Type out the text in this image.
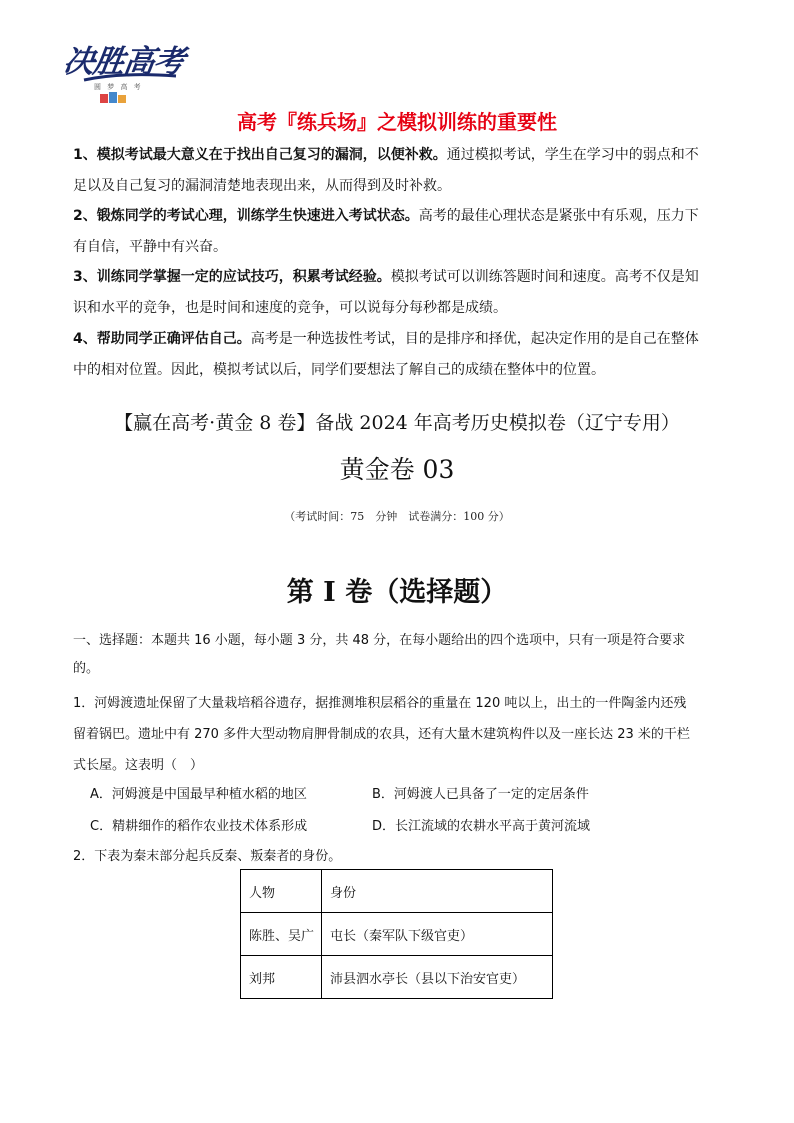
决胜高考
圆 梦 高 考
高考『练兵场』之模拟训练的重要性
1、模拟考试最大意义在于找出自己复习的漏洞，以便补救。通过模拟考试，学生在学习中的弱点和不
足以及自己复习的漏洞清楚地表现出来，从而得到及时补救。
2、锻炼同学的考试心理，训练学生快速进入考试状态。高考的最佳心理状态是紧张中有乐观，压力下
有自信，平静中有兴奋。
3、训练同学掌握一定的应试技巧，积累考试经验。模拟考试可以训练答题时间和速度。高考不仅是知
识和水平的竞争，也是时间和速度的竞争，可以说每分每秒都是成绩。
4、帮助同学正确评估自己。高考是一种选拔性考试，目的是排序和择优，起决定作用的是自己在整体
中的相对位置。因此，模拟考试以后，同学们要想法了解自己的成绩在整体中的位置。
【赢在高考·黄金 8 卷】备战 2024 年高考历史模拟卷（辽宁专用）
黄金卷 03
（考试时间：75　分钟　试卷满分：100 分）
第 I 卷（选择题）
一、选择题：本题共 16 小题，每小题 3 分，共 48 分，在每小题给出的四个选项中，只有一项是符合要求
的。
1．河姆渡遗址保留了大量栽培稻谷遗存，据推测堆积层稻谷的重量在 120 吨以上，出土的一件陶釜内还残
留着锅巴。遗址中有 270 多件大型动物肩胛骨制成的农具，还有大量木建筑构件以及一座长达 23 米的干栏
式长屋。这表明（　）
A．河姆渡是中国最早种植水稻的地区	B．河姆渡人已具备了一定的定居条件
C．精耕细作的稻作农业技术体系形成	D．长江流域的农耕水平高于黄河流域
2．下表为秦末部分起兵反秦、叛秦者的身份。
人物	身份
陈胜、吴广	屯长（秦军队下级官吏）
刘邦	沛县泗水亭长（县以下治安官吏）
